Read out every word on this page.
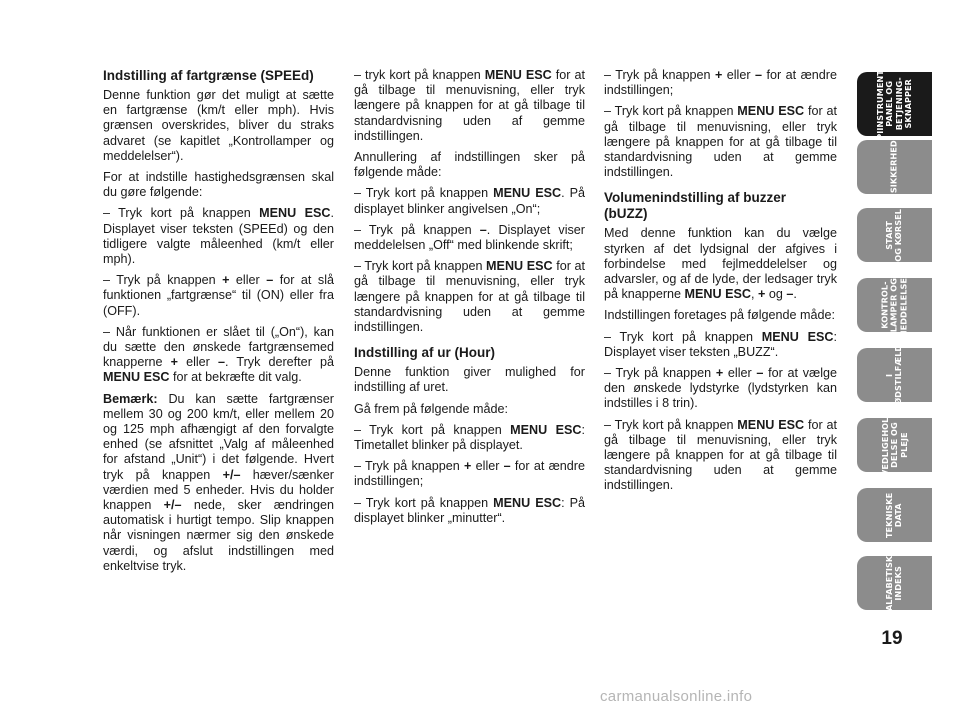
Indstilling af fartgrænse (SPEEd)

Denne funktion gør det muligt at sætte en fartgrænse (km/t eller mph). Hvis grænsen overskrides, bliver du straks advaret (se kapitlet „Kontrollamper og meddelelser“).

For at indstille hastighedsgrænsen skal du gøre følgende:

– Tryk kort på knappen MENU ESC. Displayet viser teksten (SPEEd) og den tidligere valgte måleenhed (km/t eller mph).

– Tryk på knappen + eller – for at slå funktionen „fartgrænse“ til (ON) eller fra (OFF).

– Når funktionen er slået til („On“), kan du sætte den ønskede fartgrænsemed knapperne + eller –. Tryk derefter på MENU ESC for at bekræfte dit valg.

Bemærk: Du kan sætte fartgrænser mellem 30 og 200 km/t, eller mellem 20 og 125 mph afhængigt af den forvalgte enhed (se afsnittet „Valg af måleenhed for afstand „Unit“) i det følgende. Hvert tryk på knappen +/– hæver/sænker værdien med 5 enheder. Hvis du holder knappen +/– nede, sker ændringen automatisk i hurtigt tempo. Slip knappen når visningen nærmer sig den ønskede værdi, og afslut indstillingen med enkeltvise tryk.

– tryk kort på knappen MENU ESC for at gå tilbage til menuvisning, eller tryk længere på knappen for at gå tilbage til standardvisning uden af gemme indstillingen.

Annullering af indstillingen sker på følgende måde:

– Tryk kort på knappen MENU ESC. På displayet blinker angivelsen „On“;

– Tryk på knappen –. Displayet viser meddelelsen „Off“ med blinkende skrift;

– Tryk kort på knappen MENU ESC for at gå tilbage til menuvisning, eller tryk længere på knappen for at gå tilbage til standardvisning uden at gemme indstillingen.

Indstilling af ur (Hour)

Denne funktion giver mulighed for indstilling af uret.

Gå frem på følgende måde:

– Tryk kort på knappen MENU ESC: Timetallet blinker på displayet.

– Tryk på knappen + eller – for at ændre indstillingen;

– Tryk kort på knappen MENU ESC: På displayet blinker „minutter“.

– Tryk på knappen + eller – for at ændre indstillingen;

– Tryk kort på knappen MENU ESC for at gå tilbage til menuvisning, eller tryk længere på knappen for at gå tilbage til standardvisning uden at gemme indstillingen.

Volumenindstilling af buzzer
(bUZZ)

Med denne funktion kan du vælge styrken af det lydsignal der afgives i forbindelse med fejlmeddelelser og advarsler, og af de lyde, der ledsager tryk på knapperne MENU ESC, + og –.

Indstillingen foretages på følgende måde:

– Tryk kort på knappen MENU ESC: Displayet viser teksten „BUZZ“.

– Tryk på knappen + eller – for at vælge den ønskede lydstyrke (lydstyrken kan indstilles i 8 trin).

– Tryk kort på knappen MENU ESC for at gå tilbage til menuvisning, eller tryk længere på knappen for at gå tilbage til standardvisning uden at gemme indstillingen.

PIINSTRUMENT-
PANEL OG
BETJENING-
SKNAPPER
SIKKERHED
START
OG KØRSEL
KONTROL-
LAMPER OG
MEDDELELSER
I
NØDSTILFÆLDE
VEDLIGEHOL-
DELSE OG
PLEJE
TEKNISKE
DATA
ALFABETISK
INDEKS
19
carmanualsonline.info
